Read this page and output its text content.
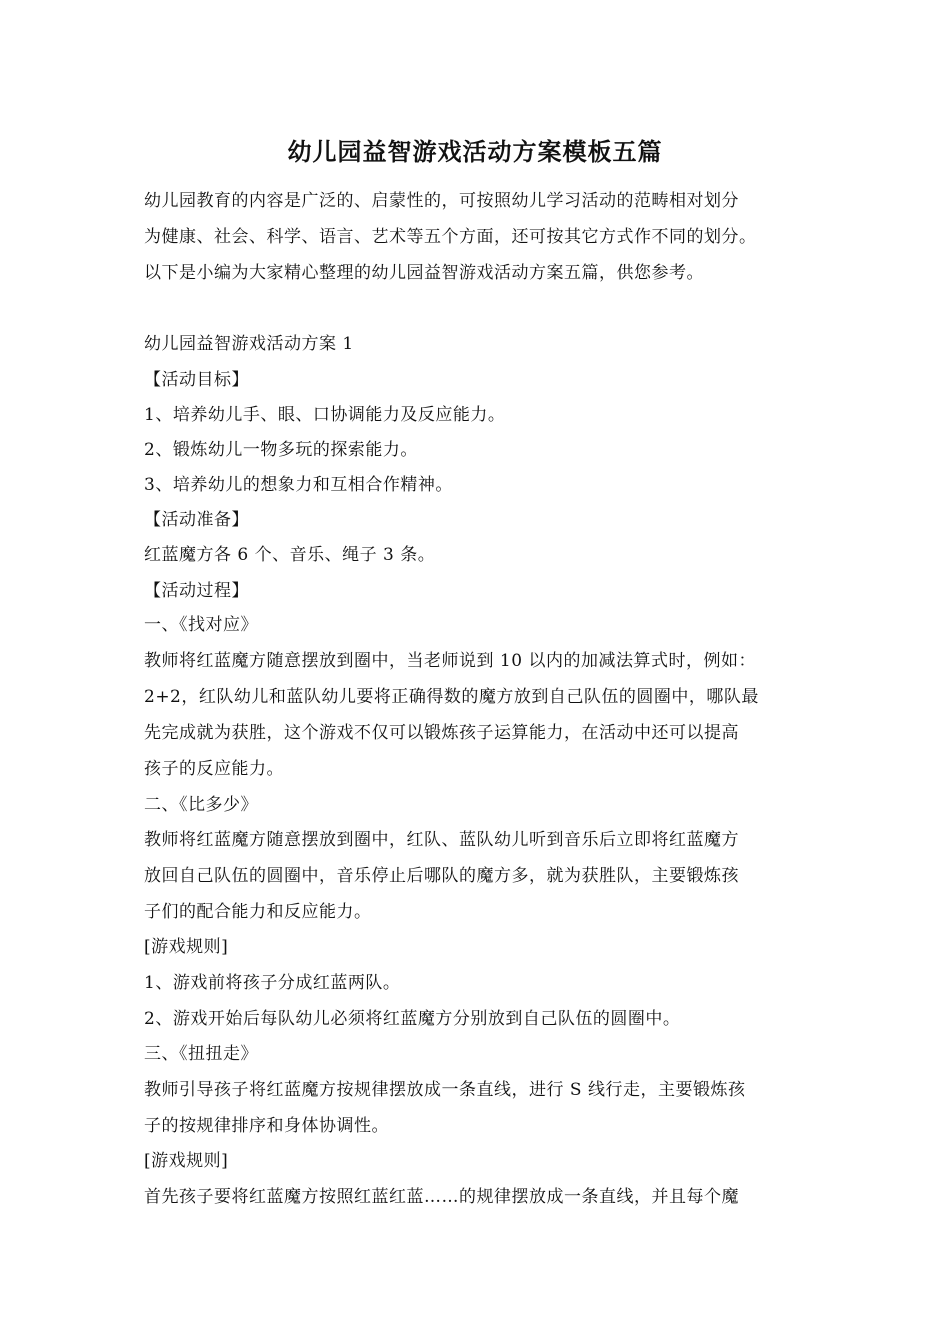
幼儿园益智游戏活动方案模板五篇
幼儿园教育的内容是广泛的、启蒙性的，可按照幼儿学习活动的范畴相对划分
为健康、社会、科学、语言、艺术等五个方面，还可按其它方式作不同的划分。
以下是小编为大家精心整理的幼儿园益智游戏活动方案五篇，供您参考。
幼儿园益智游戏活动方案 1
【活动目标】
1、培养幼儿手、眼、口协调能力及反应能力。
2、锻炼幼儿一物多玩的探索能力。
3、培养幼儿的想象力和互相合作精神。
【活动准备】
红蓝魔方各 6 个、音乐、绳子 3 条。
【活动过程】
一、《找对应》
教师将红蓝魔方随意摆放到圈中，当老师说到 10 以内的加减法算式时，例如：
2+2，红队幼儿和蓝队幼儿要将正确得数的魔方放到自己队伍的圆圈中，哪队最
先完成就为获胜，这个游戏不仅可以锻炼孩子运算能力，在活动中还可以提高
孩子的反应能力。
二、《比多少》
教师将红蓝魔方随意摆放到圈中，红队、蓝队幼儿听到音乐后立即将红蓝魔方
放回自己队伍的圆圈中，音乐停止后哪队的魔方多，就为获胜队，主要锻炼孩
子们的配合能力和反应能力。
[游戏规则]
1、游戏前将孩子分成红蓝两队。
2、游戏开始后每队幼儿必须将红蓝魔方分别放到自己队伍的圆圈中。
三、《扭扭走》
教师引导孩子将红蓝魔方按规律摆放成一条直线，进行 S 线行走，主要锻炼孩
子的按规律排序和身体协调性。
[游戏规则]
首先孩子要将红蓝魔方按照红蓝红蓝……的规律摆放成一条直线，并且每个魔
